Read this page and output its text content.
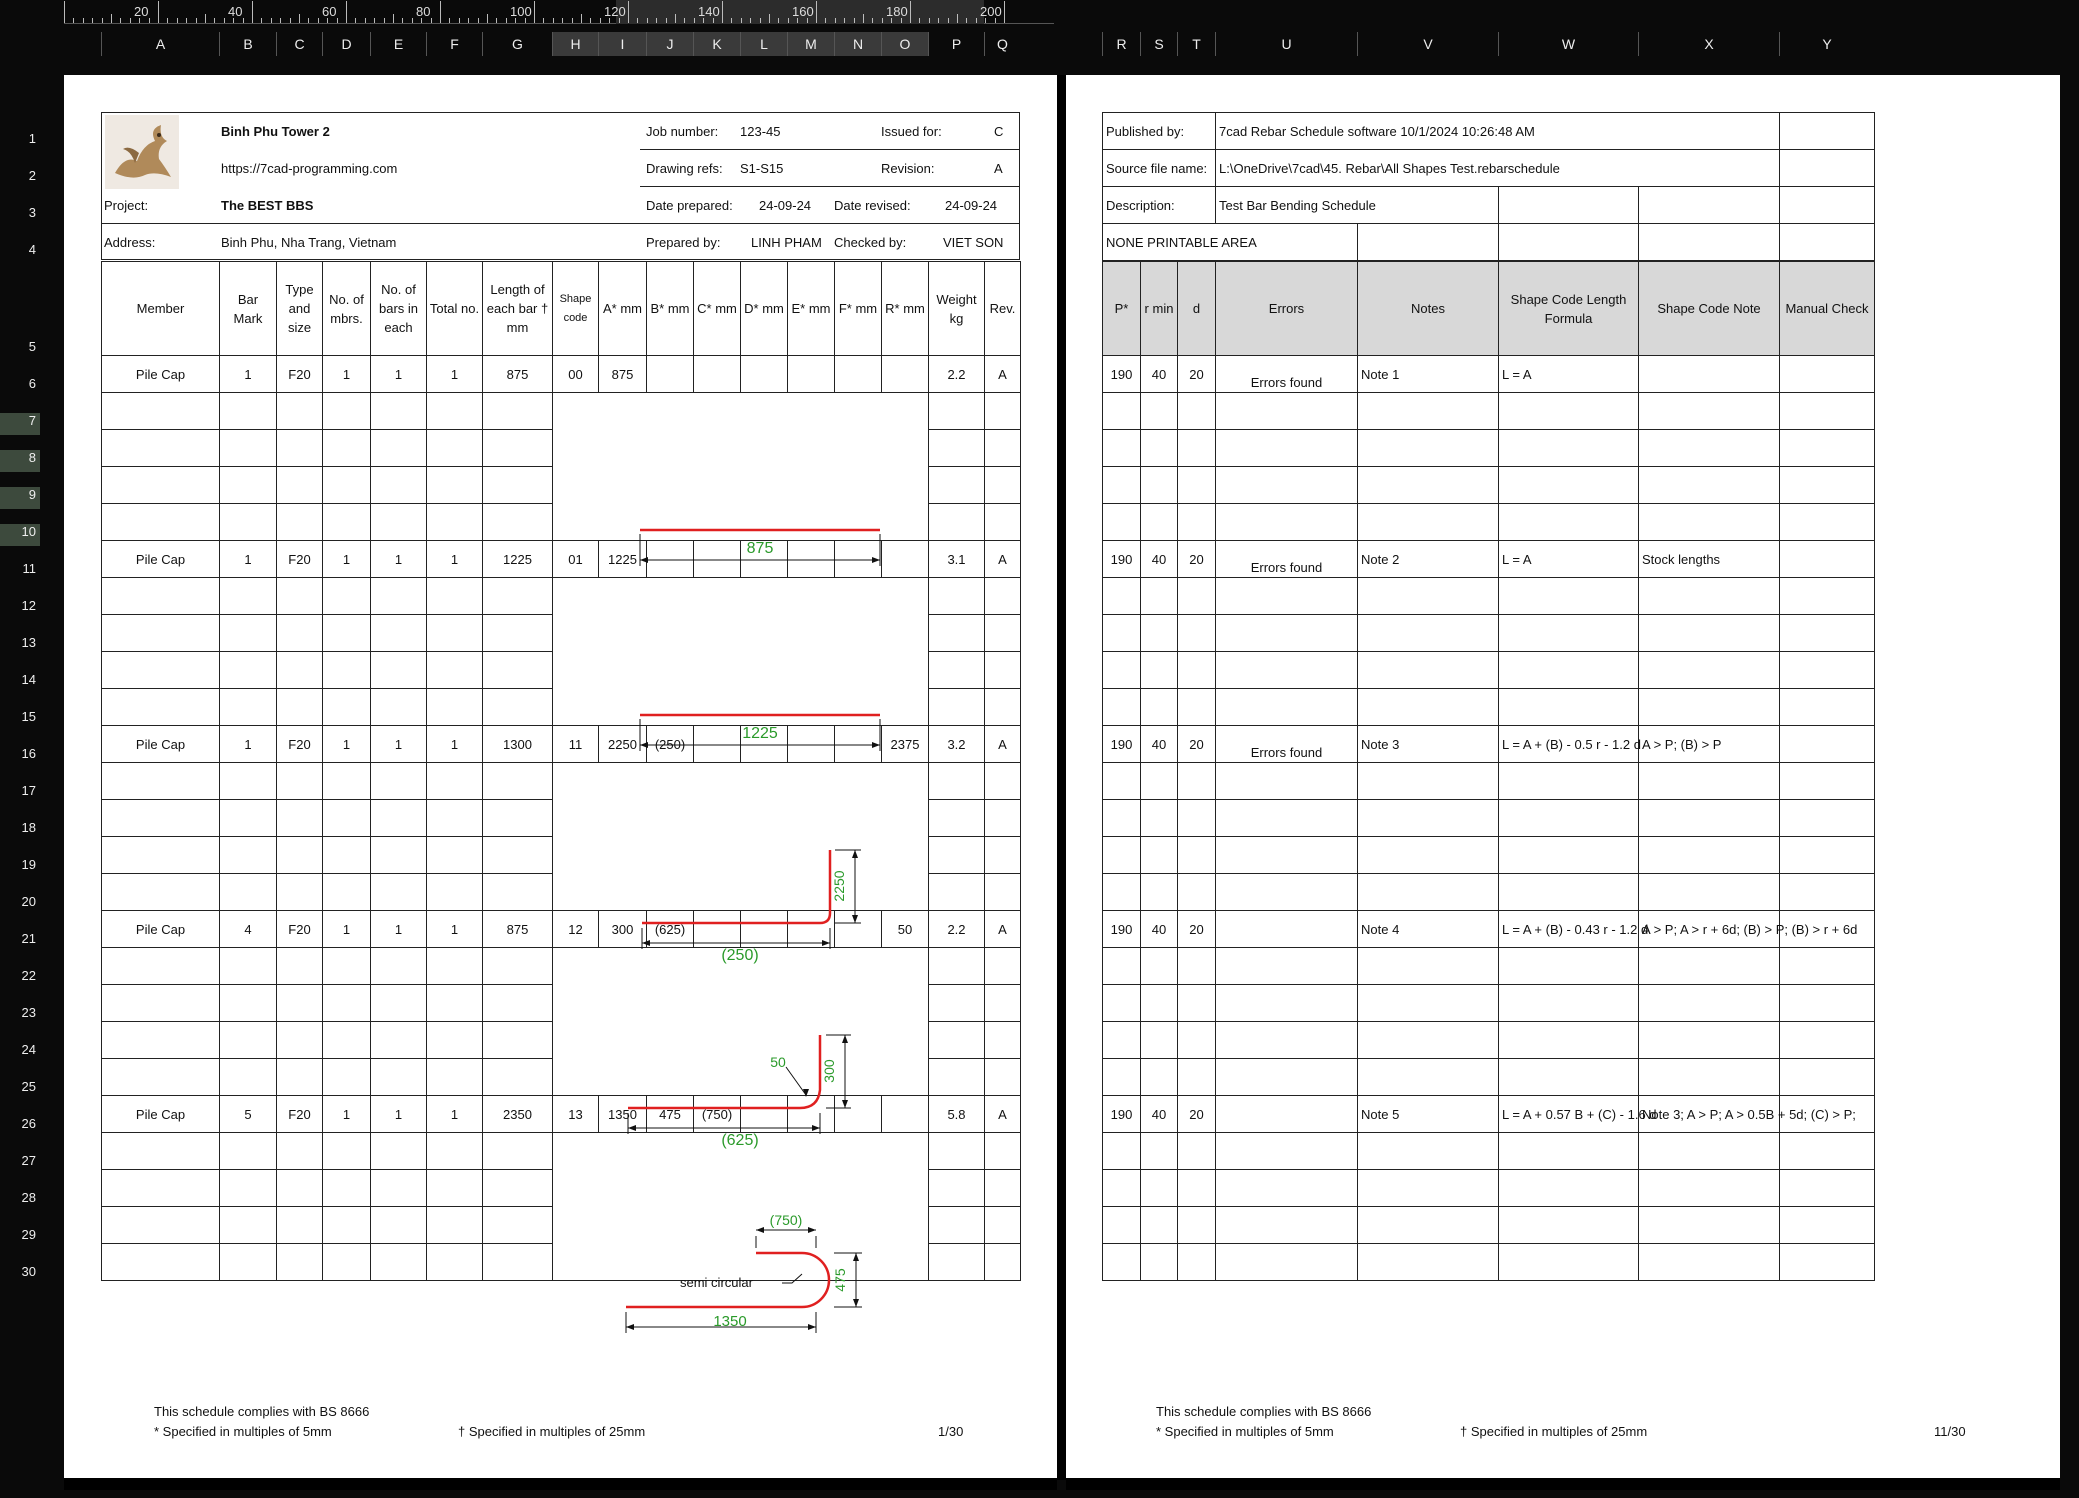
20	40	60	80	100	120	140	160	180	200
A	B	C	D	E	F	G	H	I	J	K	L	M	N	O	P	Q	R	S	T	U	V	W	X	Y
1
2
3
4
5
6
7
8
9
10
11
12
13
14
15
16
17
18
19
20
21
22
23
24
25
26
27
28
29
30
Binh Phu Tower 2
https://7cad-programming.com
Project:	The BEST BBS
Address:	Binh Phu, Nha Trang, Vietnam
Job number: 123-45	Issued for:	C
Drawing refs: S1-S15	Revision:	A
Date prepared: 24-09-24 Date revised:	24-09-24
Prepared by: LINH PHAM Checked by:	VIET SON
Member	Bar Mark	Type and size	No. of mbrs.	No. of bars in each	Total no.	Length of each bar † mm	Shape code	A* mm	B* mm	C* mm	D* mm	E* mm	F* mm	R* mm	Weight kg	Rev.
Pile Cap	1	F20	1	1	1	875	00	875							2.2	A

Pile Cap	1	F20	1	1	1	1225	01	1225							3.1	A

Pile Cap	1	F20	1	1	1	1300	11	2250	(250)					2375	3.2	A

Pile Cap	4	F20	1	1	1	875	12	300	(625)					50	2.2	A

Pile Cap	5	F20	1	1	1	2350	13	1350	475	(750)					5.8	A

875
1225
(250)
2250
(625)
300
50
1350
(750)
475
semi circular
This schedule complies with BS 8666
* Specified in multiples of 5mm	† Specified in multiples of 25mm	1/30
Published by:	7cad Rebar Schedule software 10/1/2024 10:26:48 AM				
Source file name:	L:\OneDrive\7cad\45. Rebar\All Shapes Test.rebarschedule				
Description:	Test Bar Bending Schedule				
NONE PRINTABLE AREA					
P*	r min	d	Errors	Notes	Shape Code Length Formula	Shape Code Note	Manual Check
190	40	20	Errors found	Note 1	L = A		

190	40	20	Errors found	Note 2	L = A	Stock lengths	

190	40	20	Errors found	Note 3	L = A + (B) - 0.5 r - 1.2 d	A > P; (B) > P	

190	40	20		Note 4	L = A + (B) - 0.43 r - 1.2 d	A > P; A > r + 6d; (B) > P; (B) > r + 6d	

190	40	20		Note 5	L = A + 0.57 B + (C) - 1.6 d	Note 3; A > P; A > 0.5B + 5d; (C) > P;	

This schedule complies with BS 8666
* Specified in multiples of 5mm	† Specified in multiples of 25mm	11/30
